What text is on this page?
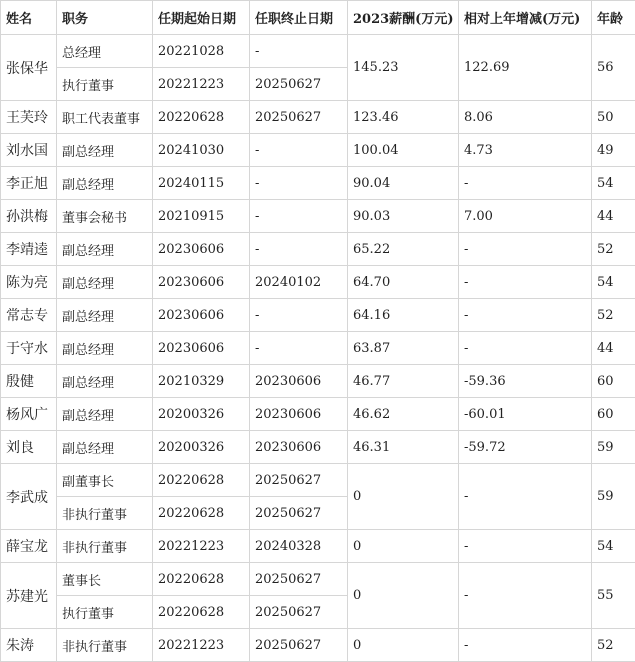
姓名	职务	任期起始日期	任职终止日期	2023薪酬(万元)	相对上年增减(万元)	年龄
张保华	总经理	20221028	-	145.23	122.69	56
	执行董事	20221223	20250627			
王芙玲	职工代表董事	20220628	20250627	123.46	8.06	50
刘水国	副总经理	20241030	-	100.04	4.73	49
李正旭	副总经理	20240115	-	90.04	-	54
孙洪梅	董事会秘书	20210915	-	90.03	7.00	44
李靖逵	副总经理	20230606	-	65.22	-	52
陈为亮	副总经理	20230606	20240102	64.70	-	54
常志专	副总经理	20230606	-	64.16	-	52
于守水	副总经理	20230606	-	63.87	-	44
殷健	副总经理	20210329	20230606	46.77	-59.36	60
杨风广	副总经理	20200326	20230606	46.62	-60.01	60
刘良	副总经理	20200326	20230606	46.31	-59.72	59
李武成	副董事长	20220628	20250627	0	-	59
	非执行董事	20220628	20250627			
薛宝龙	非执行董事	20221223	20240328	0	-	54
苏建光	董事长	20220628	20250627	0	-	55
	执行董事	20220628	20250627			
朱涛	非执行董事	20221223	20250627	0	-	52
